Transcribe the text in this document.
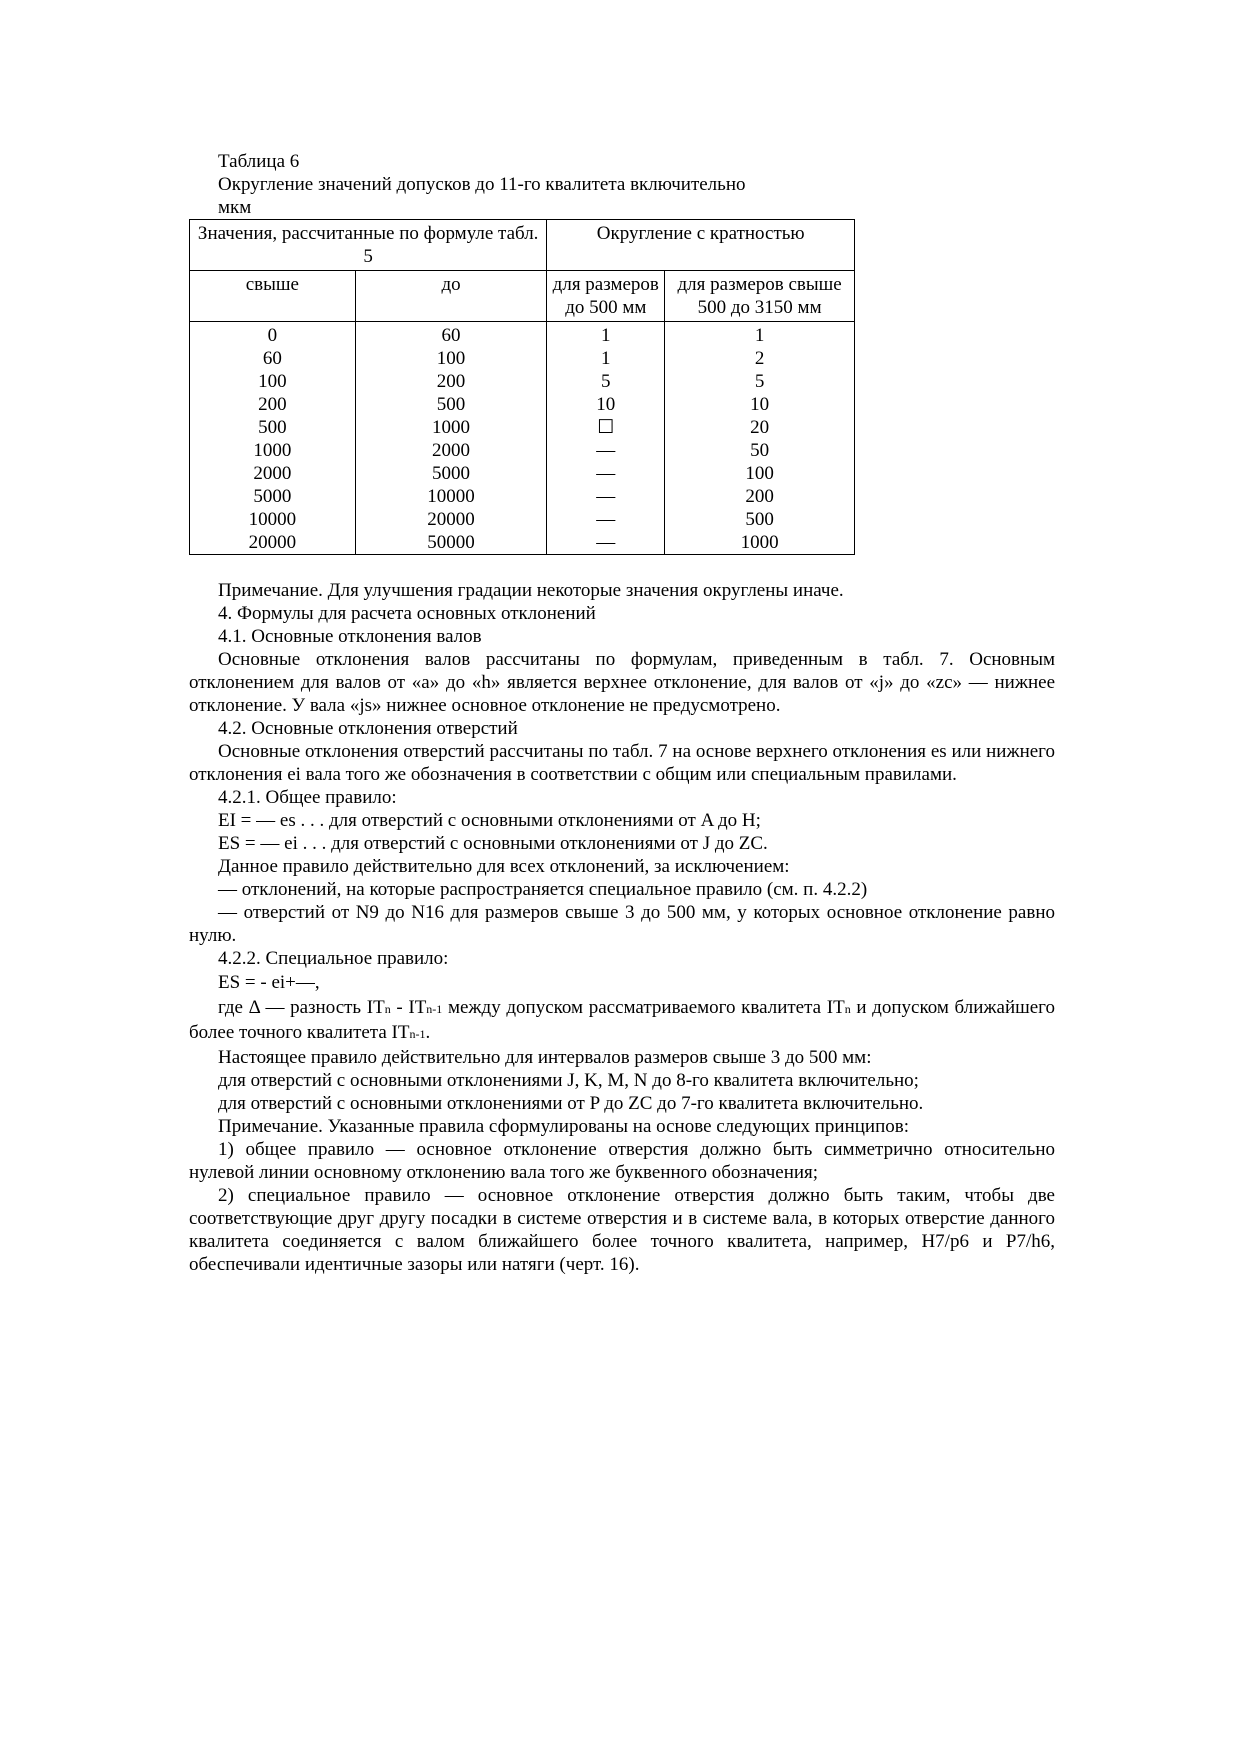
Таблица 6
Округление значений допусков до 11-го квалитета включительно
мкм
Значения, рассчитанные по формуле табл. 5		Округление с кратностью	
свыше	до	для размеров до 500 мм	для размеров свыше 500 до 3150 мм
0	60	1	1
60	100	1	2
100	200	5	5
200	500	10	10
500	1000	☐	20
1000	2000	—	50
2000	5000	—	100
5000	10000	—	200
10000	20000	—	500
20000	50000	—	1000

Примечание. Для улучшения градации некоторые значения округлены иначе.

4. Формулы для расчета основных отклонений

4.1. Основные отклонения валов

Основные отклонения валов рассчитаны по формулам, приведенным в табл. 7. Основным отклонением для валов от «a» до «h» является верхнее отклонение, для валов от «j» до «zc» — нижнее отклонение. У вала «js» нижнее основное отклонение не предусмотрено.

4.2. Основные отклонения отверстий

Основные отклонения отверстий рассчитаны по табл. 7 на основе верхнего отклонения es или нижнего отклонения ei вала того же обозначения в соответствии с общим или специальным правилами.

4.2.1. Общее правило:

EI = — es . . . для отверстий с основными отклонениями от A до H;

ES = — ei . . . для отверстий с основными отклонениями от J до ZC.

Данное правило действительно для всех отклонений, за исключением:

— отклонений, на которые распространяется специальное правило (см. п. 4.2.2)

— отверстий от N9 до N16 для размеров свыше 3 до 500 мм, у которых основное отклонение равно нулю.

4.2.2. Специальное правило:

ES = - ei+—,

где Δ — разность ITn - ITn-1 между допуском рассматриваемого квалитета ITn и допуском ближайшего более точного квалитета ITn-1.

Настоящее правило действительно для интервалов размеров свыше 3 до 500 мм:

для отверстий с основными отклонениями J, K, M, N до 8-го квалитета включительно;

для отверстий с основными отклонениями от P до ZC до 7-го квалитета включительно.

Примечание. Указанные правила сформулированы на основе следующих принципов:

1) общее правило — основное отклонение отверстия должно быть симметрично относительно нулевой линии основному отклонению вала того же буквенного обозначения;

2) специальное правило — основное отклонение отверстия должно быть таким, чтобы две соответствующие друг другу посадки в системе отверстия и в системе вала, в которых отверстие данного квалитета соединяется с валом ближайшего более точного квалитета, например, H7/p6 и P7/h6, обеспечивали идентичные зазоры или натяги (черт. 16).
